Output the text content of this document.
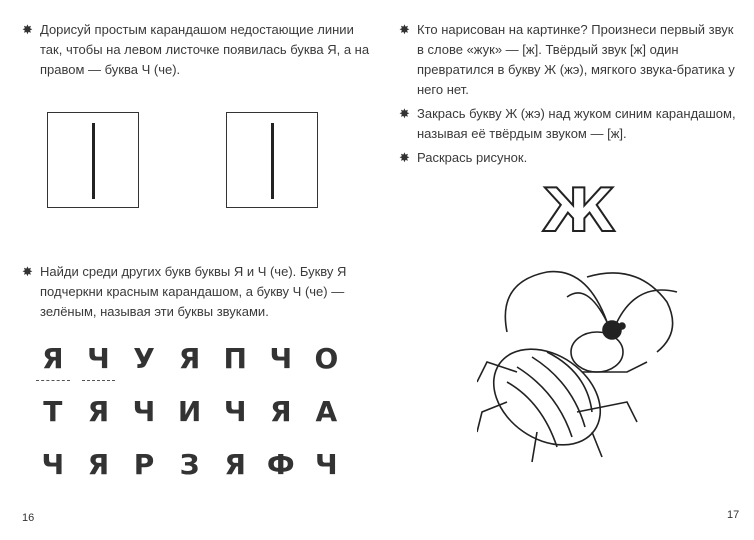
✸ Дорисуй простым карандашом недостающие линии так, чтобы на левом листочке появилась буква Я, а на правом — буква Ч (че).
✸ Найди среди других букв буквы Я и Ч (че). Букву Я подчеркни красным карандашом, а букву Ч (че) — зелёным, называя эти буквы звуками.
Я Ч У Я П Ч О
Т Я Ч И Ч Я А
Ч Я Р З Я Ф Ч
16
✸ Кто нарисован на картинке? Произнеси первый звук в слове «жук» — [ж]. Твёрдый звук [ж] один превратился в букву Ж (жэ), мягкого звука-братика у него нет.
✸ Закрась букву Ж (жэ) над жуком синим карандашом, называя её твёрдым звуком — [ж].
✸ Раскрась рисунок.
Ж
17
